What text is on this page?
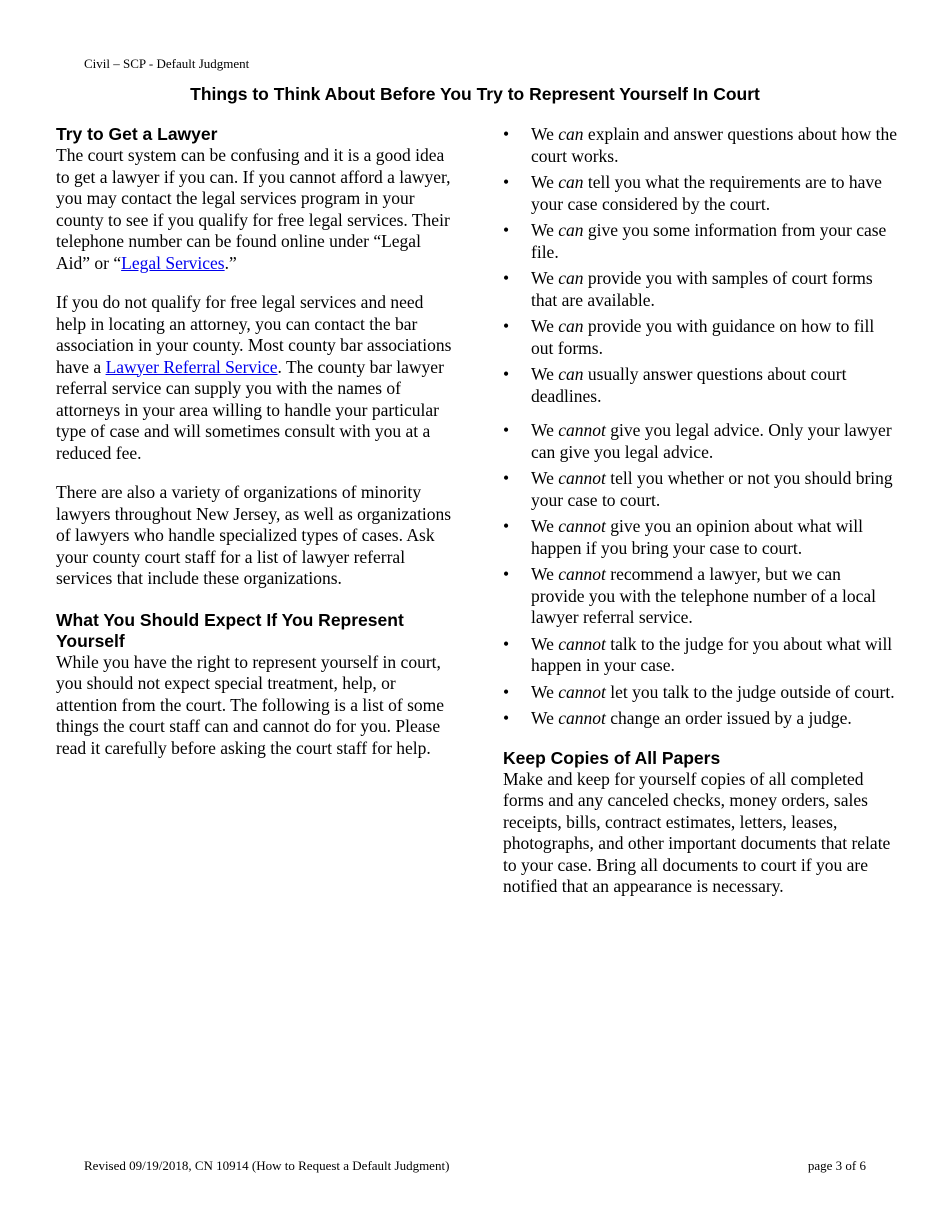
Civil – SCP - Default Judgment
Things to Think About Before You Try to Represent Yourself In Court
Try to Get a Lawyer

The court system can be confusing and it is a good idea to get a lawyer if you can. If you cannot afford a lawyer, you may contact the legal services program in your county to see if you qualify for free legal services. Their telephone number can be found online under “Legal Aid” or “Legal Services.”

If you do not qualify for free legal services and need help in locating an attorney, you can contact the bar association in your county. Most county bar associations have a Lawyer Referral Service. The county bar lawyer referral service can supply you with the names of attorneys in your area willing to handle your particular type of case and will sometimes consult with you at a reduced fee.

There are also a variety of organizations of minority lawyers throughout New Jersey, as well as organizations of lawyers who handle specialized types of cases. Ask your county court staff for a list of lawyer referral services that include these organizations.

What You Should Expect If You Represent Yourself

While you have the right to represent yourself in court, you should not expect special treatment, help, or attention from the court. The following is a list of some things the court staff can and cannot do for you. Please read it carefully before asking the court staff for help.

• We can explain and answer questions about how the court works.
• We can tell you what the requirements are to have your case considered by the court.
• We can give you some information from your case file.
• We can provide you with samples of court forms that are available.
• We can provide you with guidance on how to fill out forms.
• We can usually answer questions about court deadlines.
• We cannot give you legal advice. Only your lawyer can give you legal advice.
• We cannot tell you whether or not you should bring your case to court.
• We cannot give you an opinion about what will happen if you bring your case to court.
• We cannot recommend a lawyer, but we can provide you with the telephone number of a local lawyer referral service.
• We cannot talk to the judge for you about what will happen in your case.
• We cannot let you talk to the judge outside of court.
• We cannot change an order issued by a judge.
Keep Copies of All Papers

Make and keep for yourself copies of all completed forms and any canceled checks, money orders, sales receipts, bills, contract estimates, letters, leases, photographs, and other important documents that relate to your case. Bring all documents to court if you are notified that an appearance is necessary.

Revised 09/19/2018, CN 10914 (How to Request a Default Judgment)	page 3 of 6
